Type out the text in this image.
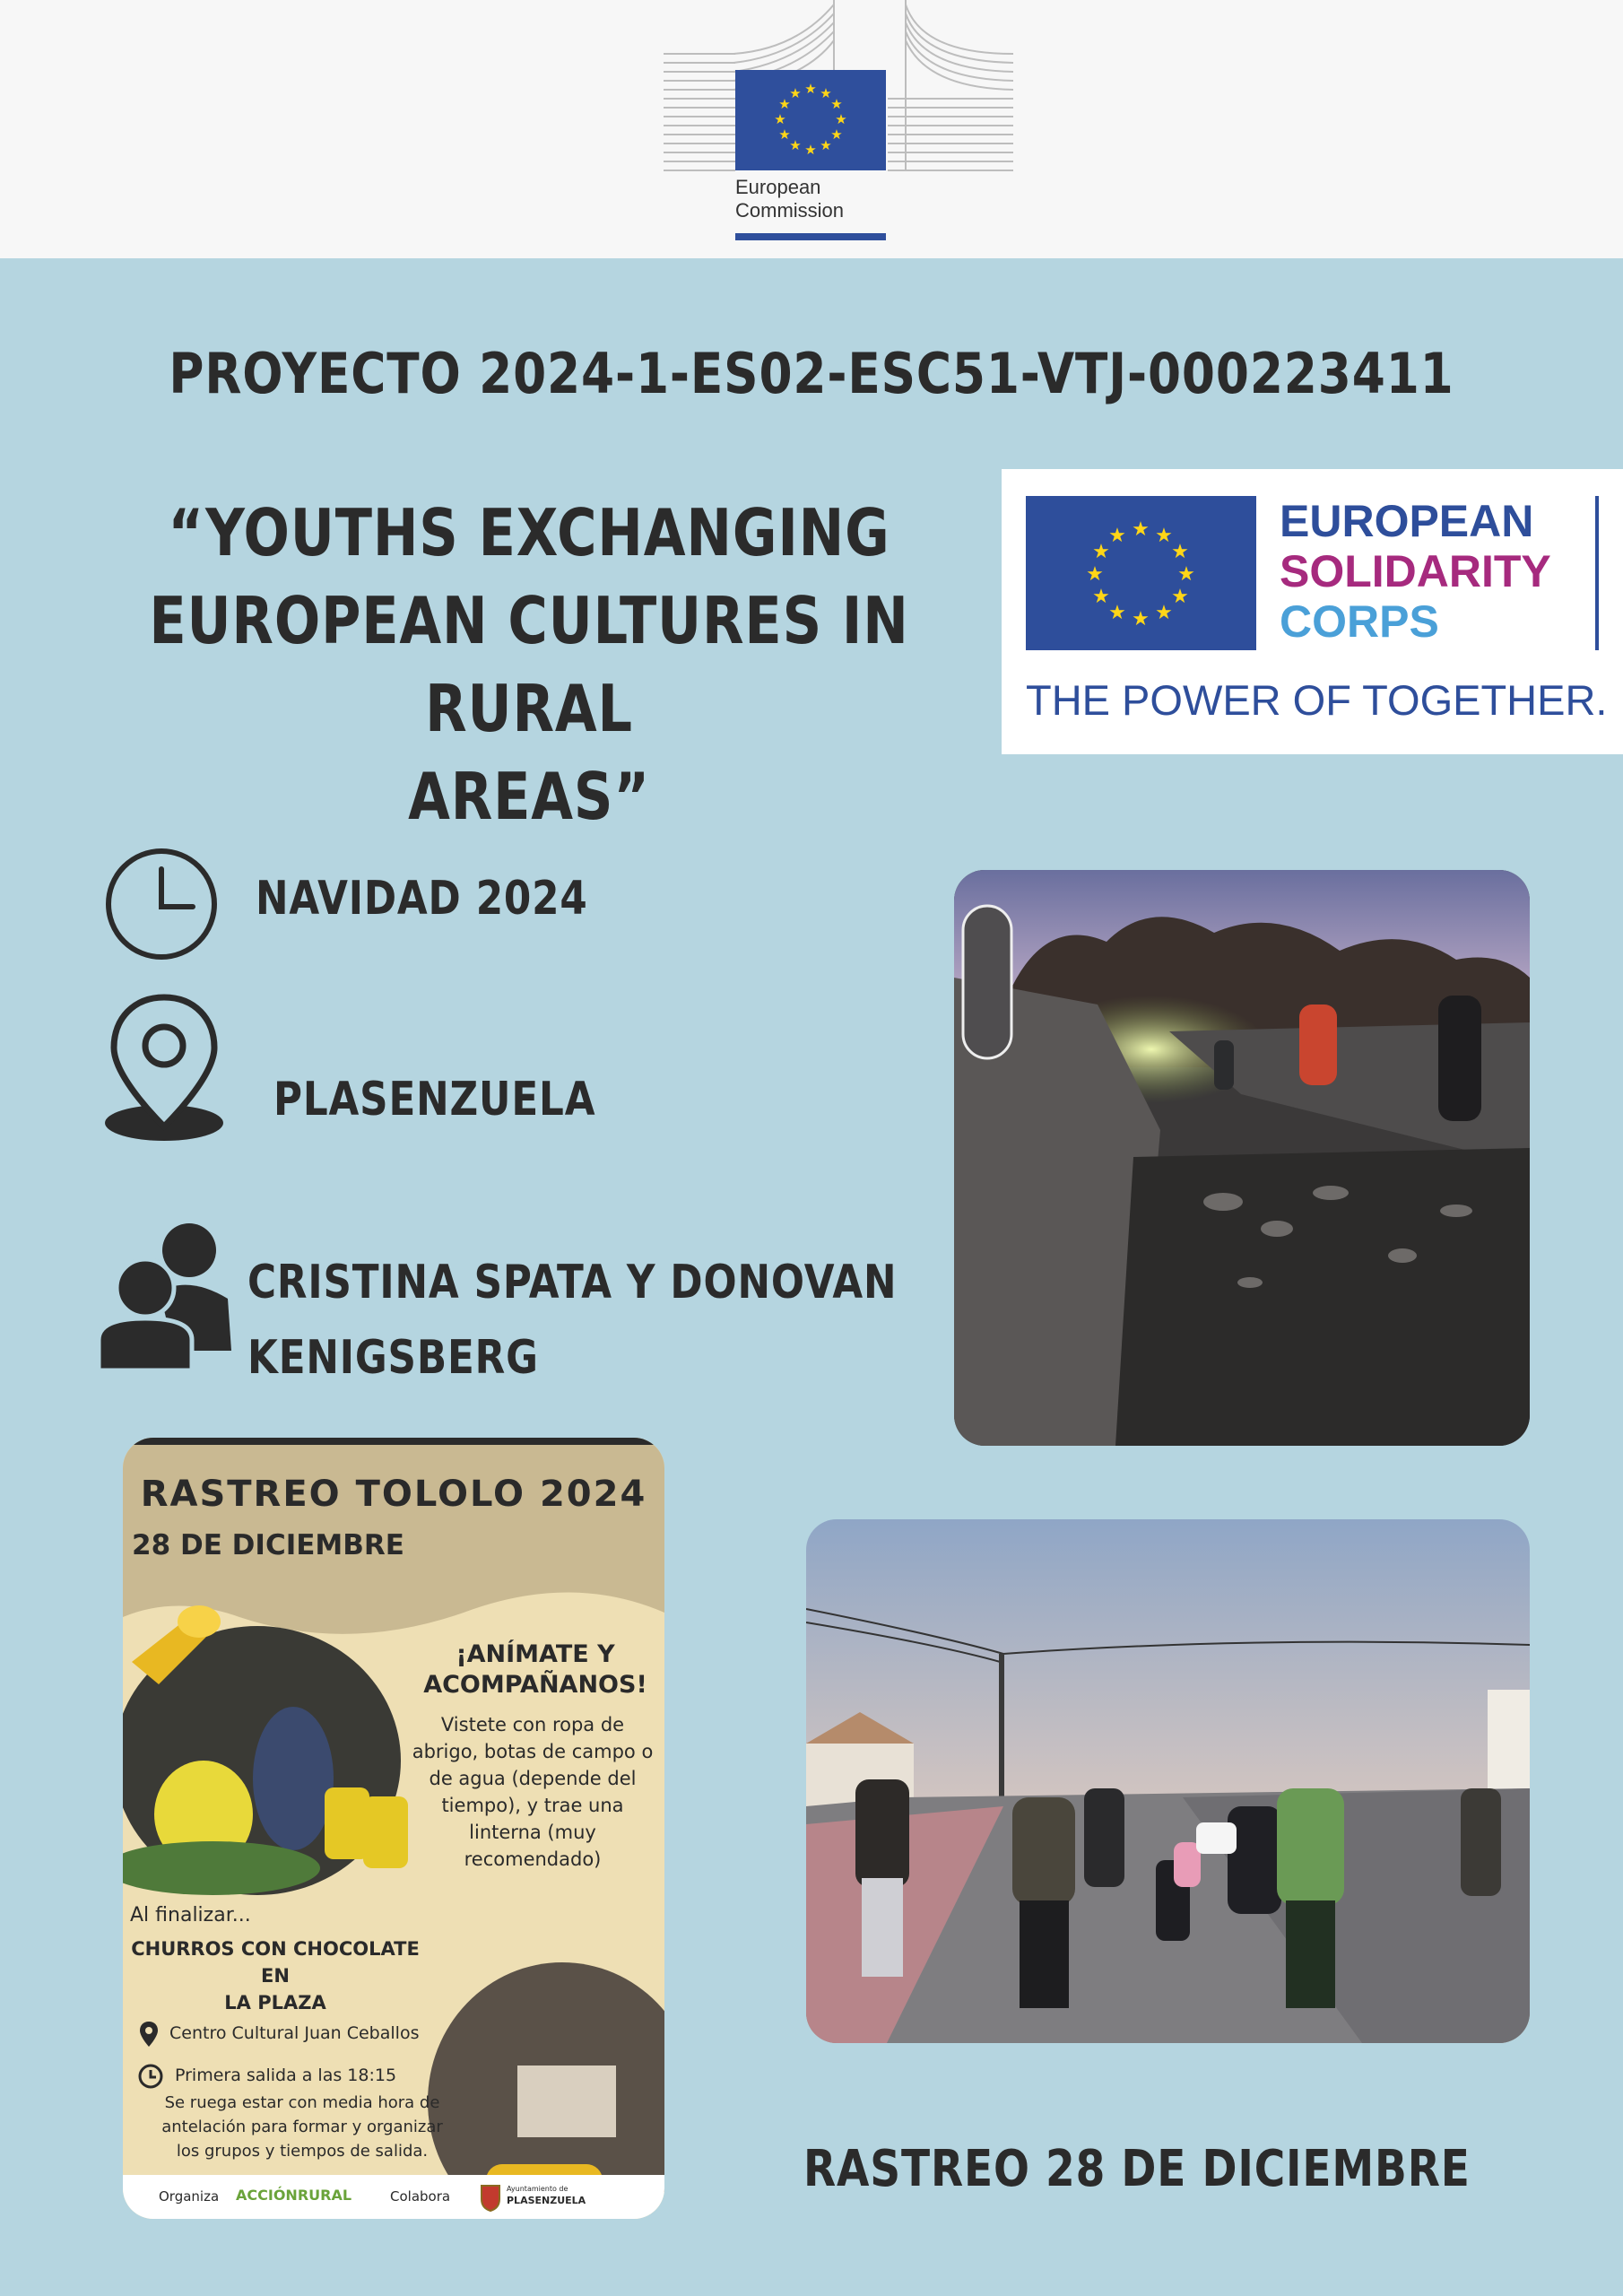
★ ★
★
★
★
★
★
★
★
★
★
★
European
Commission
PROYECTO 2024-1-ES02-ESC51-VTJ-000223411
“YOUTHS EXCHANGING
EUROPEAN CULTURES IN RURAL
AREAS”
★ ★
★
★
★
★
★
★
★
★
★
★	EUROPEAN
SOLIDARITY
CORPS
THE POWER OF TOGETHER.
NAVIDAD 2024
PLASENZUELA
CRISTINA SPATA Y DONOVAN
KENIGSBERG
RASTREO TOLOLO 2024
28 DE DICIEMBRE
¡ANÍMATE Y
ACOMPAÑANOS!
Vistete con ropa de
abrigo, botas de campo o
de agua (depende del
tiempo), y trae una
linterna (muy
recomendado)
Al finalizar...
CHURROS CON CHOCOLATE EN
LA PLAZA
Centro Cultural Juan Ceballos
Primera salida a las 18:15
Se ruega estar con media hora de
antelación para formar y organizar
los grupos y tiempos de salida.
Organiza ACCIÓNRURAL	Colabora	Ayuntamiento de
PLASENZUELA
RASTREO 28 DE DICIEMBRE
